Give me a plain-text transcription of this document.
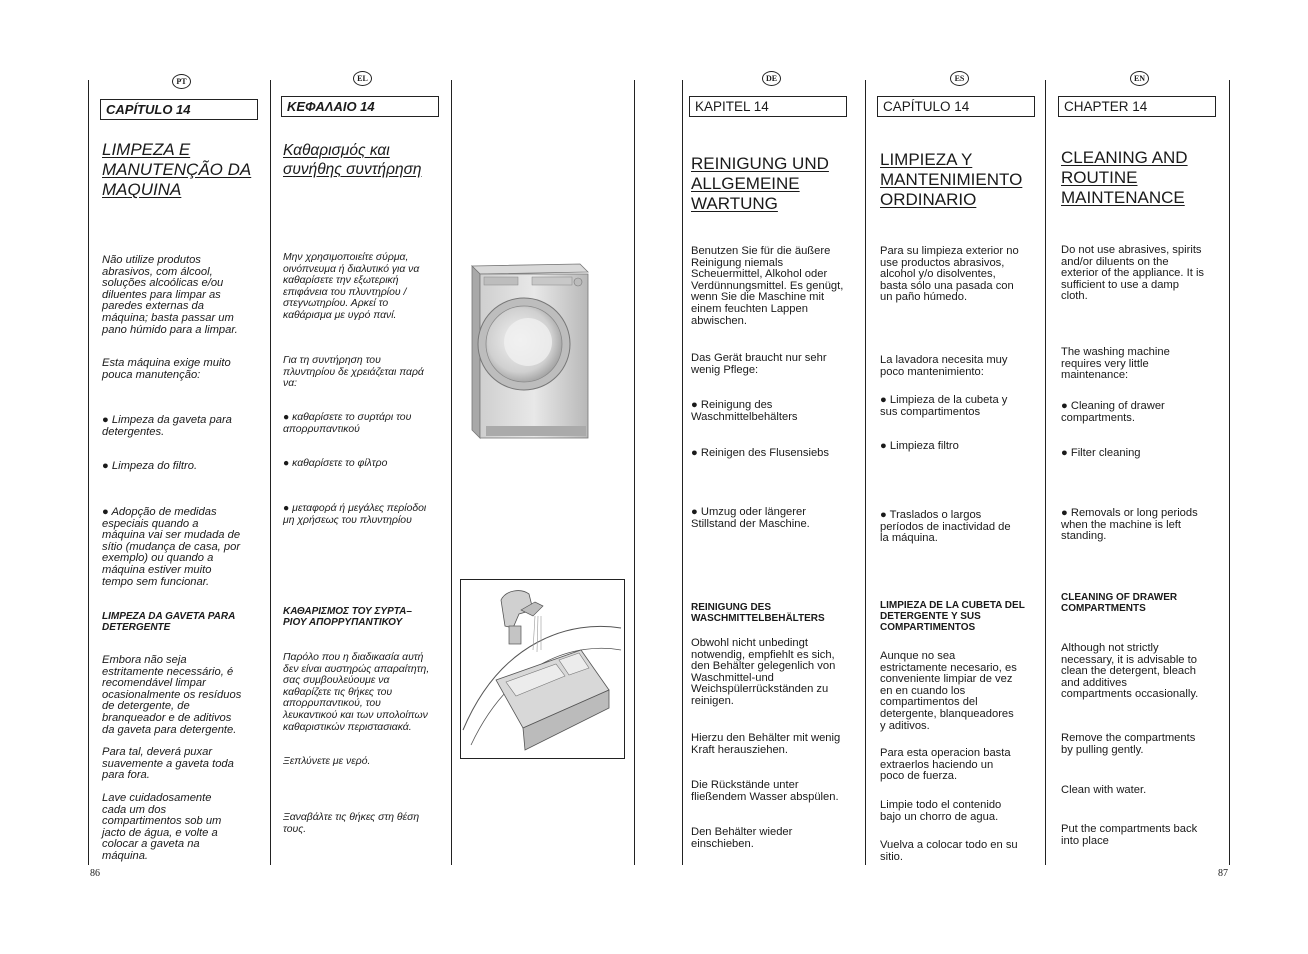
86	87
PT
CAPÍTULO 14
LIMPEZA E
MANUTENÇÃO DA
MAQUINA
Não utilize produtos
abrasivos, com álcool,
soluções alcoólicas e/ou
diluentes para limpar as
paredes externas da
máquina; basta passar um
pano húmido para a limpar.
Esta máquina exige muito
pouca manutenção:
● Limpeza da gaveta para
detergentes.
● Limpeza do filtro.
● Adopção de medidas
especiais quando a
máquina vai ser mudada de
sítio (mudança de casa, por
exemplo) ou quando a
máquina estiver muito
tempo sem funcionar.
LIMPEZA DA GAVETA PARA
DETERGENTE
Embora não seja
estritamente necessário, é
recomendável limpar
ocasionalmente os resíduos
de detergente, de
branqueador e de aditivos
da gaveta para detergente.
Para tal, deverá puxar
suavemente a gaveta toda
para fora.
Lave cuidadosamente
cada um dos
compartimentos sob um
jacto de água, e volte a
colocar a gaveta na
máquina.
EL
ΚΕΦΑΛΑΙΟ 14
Καθαρισμός και
συνήθης συντήρηση
Μην χρησιμοποιείτε σύρμα,
οινόπνευμα ή διαλυτικό για να
καθαρίσετε την εξωτερική
επιφάνεια του πλυντηρίου /
στεγνωτηρίου. Αρκεί το
καθάρισμα με υγρό πανί.
Για τη συντήρηση του
πλυντηρίου δε χρειάζεται παρά
να:
● καθαρίσετε το συρτάρι του
απορρυπαντικού
● καθαρίσετε το φίλτρο
● μεταφορά ή μεγάλες περίοδοι
μη χρήσεως του πλυντηρίου
ΚΑΘΑΡΙΣΜΟΣ ΤΟΥ ΣΥΡΤΑ–
ΡΙΟΥ ΑΠΟΡΡΥΠΑΝΤΙΚΟΥ
Παρόλο που η διαδικασία αυτή
δεν είναι αυστηρώς απαραίτητη,
σας συμβουλεύουμε να
καθαρίζετε τις θήκες του
απορρυπαντικού, του
λευκαντικού και των υπολοίπων
καθαριστικών περιστασιακά.
Ξεπλύνετε με νερό.
Ξαναβάλτε τις θήκες στη θέση
τους.
DE
KAPITEL 14
REINIGUNG UND
ALLGEMEINE
WARTUNG
Benutzen Sie für die äußere
Reinigung niemals
Scheuermittel, Alkohol oder
Verdünnungsmittel. Es genügt,
wenn Sie die Maschine mit
einem feuchten Lappen
abwischen.
Das Gerät braucht nur sehr
wenig Pflege:
● Reinigung des
Waschmittelbehälters
● Reinigen des Flusensiebs
● Umzug oder längerer
Stillstand der Maschine.
REINIGUNG DES
WASCHMITTELBEHÄLTERS
Obwohl nicht unbedingt
notwendig, empfiehlt es sich,
den Behälter gelegenlich von
Waschmittel-und
Weichspülerrückständen zu
reinigen.
Hierzu den Behälter mit wenig
Kraft herausziehen.
Die Rückstände unter
fließendem Wasser abspülen.
Den Behälter wieder
einschieben.
ES
CAPÍTULO 14
LIMPIEZA Y
MANTENIMIENTO
ORDINARIO
Para su limpieza exterior no
use productos abrasivos,
alcohol y/o disolventes,
basta sólo una pasada con
un paño húmedo.
La lavadora necesita muy
poco mantenimiento:
● Limpieza de la cubeta y
sus compartimentos
● Limpieza filtro
● Traslados o largos
períodos de inactividad de
la máquina.
LIMPIEZA DE LA CUBETA DEL
DETERGENTE Y SUS
COMPARTIMENTOS
Aunque no sea
estrictamente necesario, es
conveniente limpiar de vez
en en cuando los
compartimentos del
detergente, blanqueadores
y aditivos.
Para esta operacion basta
extraerlos haciendo un
poco de fuerza.
Limpie todo el contenido
bajo un chorro de agua.
Vuelva a colocar todo en su
sitio.
EN
CHAPTER 14
CLEANING AND
ROUTINE
MAINTENANCE
Do not use abrasives, spirits
and/or diluents on the
exterior of the appliance. It is
sufficient to use a damp
cloth.
The washing machine
requires very little
maintenance:
● Cleaning of drawer
compartments.
● Filter cleaning
● Removals or long periods
when the machine is left
standing.
CLEANING OF DRAWER
COMPARTMENTS
Although not strictly
necessary, it is advisable to
clean the detergent, bleach
and additives
compartments occasionally.
Remove the compartments
by pulling gently.
Clean with water.
Put the compartments back
into place
